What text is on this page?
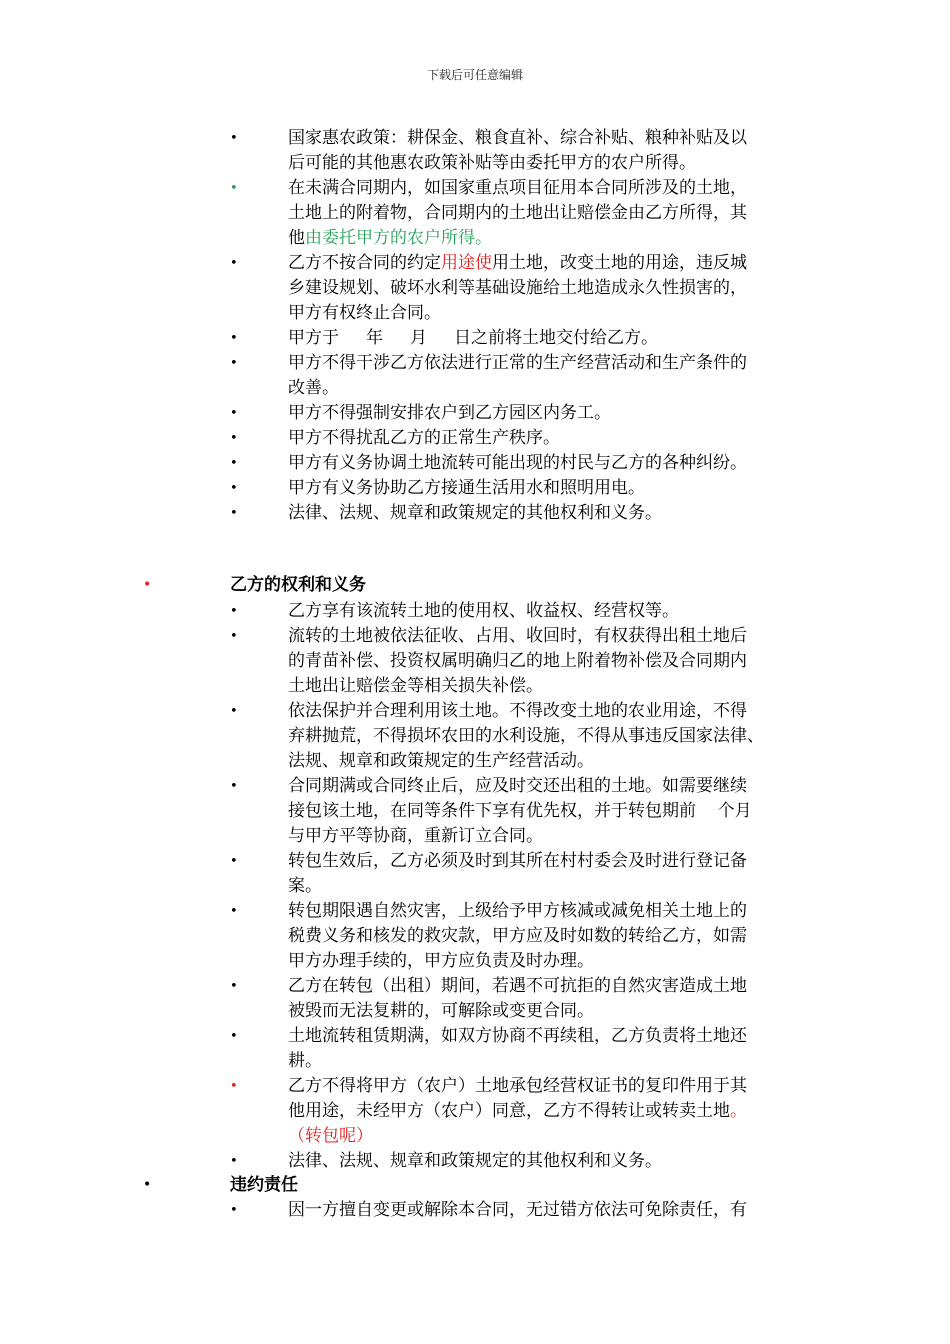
下载后可任意编辑
•	国家惠农政策：耕保金、粮食直补、综合补贴、粮种补贴及以
后可能的其他惠农政策补贴等由委托甲方的农户所得。
•	在未满合同期内，如国家重点项目征用本合同所涉及的土地，
土地上的附着物，合同期内的土地出让赔偿金由乙方所得，其
他由委托甲方的农户所得。
•	乙方不按合同的约定用途使用土地，改变土地的用途，违反城
乡建设规划、破坏水利等基础设施给土地造成永久性损害的，
甲方有权终止合同。
•	甲方于     年     月     日之前将土地交付给乙方。
•	甲方不得干涉乙方依法进行正常的生产经营活动和生产条件的
改善。
•	甲方不得强制安排农户到乙方园区内务工。
•	甲方不得扰乱乙方的正常生产秩序。
•	甲方有义务协调土地流转可能出现的村民与乙方的各种纠纷。
•	甲方有义务协助乙方接通生活用水和照明用电。
•	法律、法规、规章和政策规定的其他权利和义务。
•	乙方的权利和义务
•	乙方享有该流转土地的使用权、收益权、经营权等。
•	流转的土地被依法征收、占用、收回时，有权获得出租土地后
的青苗补偿、投资权属明确归乙的地上附着物补偿及合同期内
土地出让赔偿金等相关损失补偿。
•	依法保护并合理利用该土地。不得改变土地的农业用途，不得
弃耕抛荒，不得损坏农田的水利设施，不得从事违反国家法律、
法规、规章和政策规定的生产经营活动。
•	合同期满或合同终止后，应及时交还出租的土地。如需要继续
接包该土地，在同等条件下享有优先权，并于转包期前    个月
与甲方平等协商，重新订立合同。
•	转包生效后，乙方必须及时到其所在村村委会及时进行登记备
案。
•	转包期限遇自然灾害，上级给予甲方核减或减免相关土地上的
税费义务和核发的救灾款，甲方应及时如数的转给乙方，如需
甲方办理手续的，甲方应负责及时办理。
•	乙方在转包（出租）期间，若遇不可抗拒的自然灾害造成土地
被毁而无法复耕的，可解除或变更合同。
•	土地流转租赁期满，如双方协商不再续租，乙方负责将土地还
耕。
•	乙方不得将甲方（农户）土地承包经营权证书的复印件用于其
他用途，未经甲方（农户）同意，乙方不得转让或转卖土地。
（转包呢）
•	法律、法规、规章和政策规定的其他权利和义务。
•	违约责任
•	因一方擅自变更或解除本合同，无过错方依法可免除责任，有
